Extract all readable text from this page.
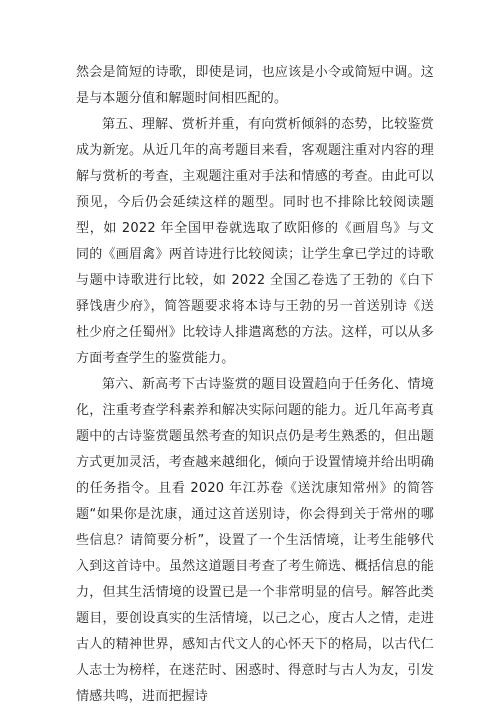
然会是简短的诗歌，即使是词，也应该是小令或简短中调。这是与本题分值和解题时间相匹配的。

第五、理解、赏析并重，有向赏析倾斜的态势，比较鉴赏成为新宠。从近几年的高考题目来看，客观题注重对内容的理解与赏析的考查，主观题注重对手法和情感的考查。由此可以预见，今后仍会延续这样的题型。同时也不排除比较阅读题型，如 2022 年全国甲卷就选取了欧阳修的《画眉鸟》与文同的《画眉禽》两首诗进行比较阅读；让学生拿已学过的诗歌与题中诗歌进行比较，如 2022 全国乙卷选了王勃的《白下驿饯唐少府》，简答题要求将本诗与王勃的另一首送别诗《送杜少府之任蜀州》比较诗人排遣离愁的方法。这样，可以从多方面考查学生的鉴赏能力。

第六、新高考下古诗鉴赏的题目设置趋向于任务化、情境化，注重考查学科素养和解决实际问题的能力。近几年高考真题中的古诗鉴赏题虽然考查的知识点仍是考生熟悉的，但出题方式更加灵活，考查越来越细化，倾向于设置情境并给出明确的任务指令。且看 2020 年江苏卷《送沈康知常州》的简答题“如果你是沈康，通过这首送别诗，你会得到关于常州的哪些信息？请简要分析”，设置了一个生活情境，让考生能够代入到这首诗中。虽然这道题目考查了考生筛选、概括信息的能力，但其生活情境的设置已是一个非常明显的信号。解答此类题目，要创设真实的生活情境，以己之心，度古人之情，走进古人的精神世界，感知古代文人的心怀天下的格局，以古代仁人志士为榜样，在迷茫时、困惑时、得意时与古人为友，引发情感共鸣，进而把握诗
